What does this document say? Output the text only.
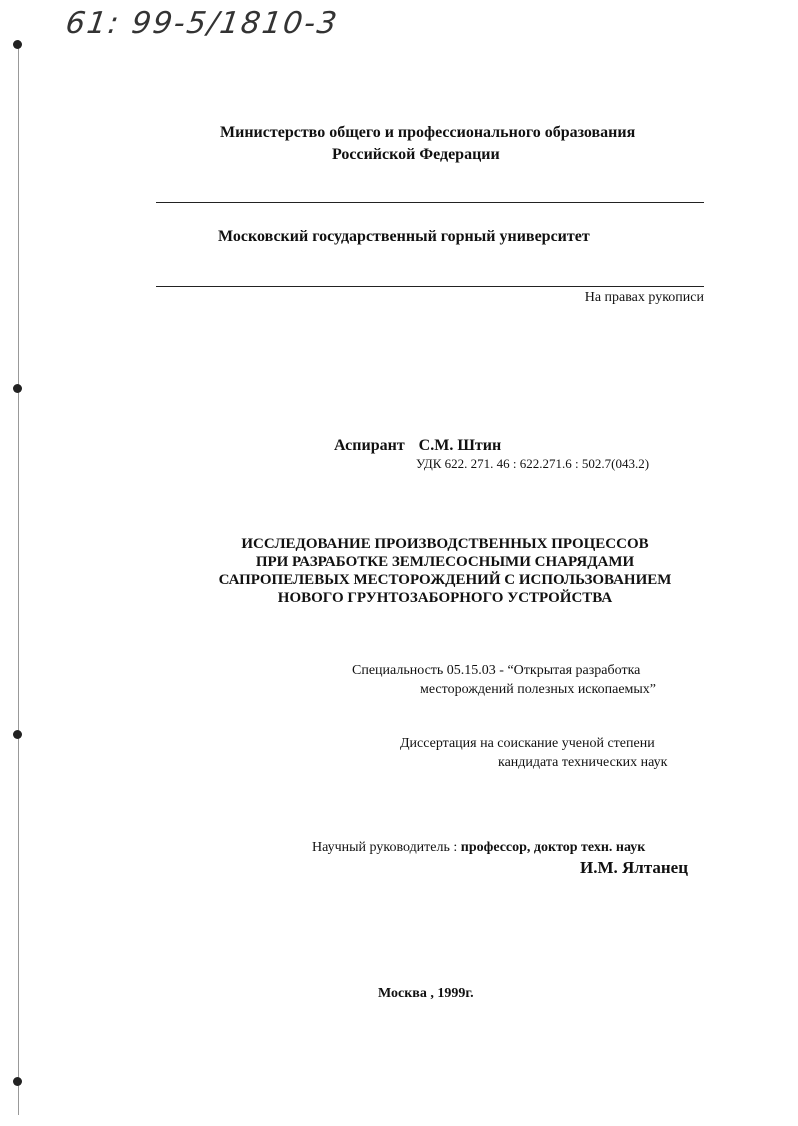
61: 99-5/1810-3
Министерство общего и профессионального образования
Российской Федерации
Московский государственный горный университет
На правах рукописи
Аспирант С.М. Штин
УДК 622. 271. 46 : 622.271.6 : 502.7(043.2)
ИССЛЕДОВАНИЕ ПРОИЗВОДСТВЕННЫХ ПРОЦЕССОВ
ПРИ РАЗРАБОТКЕ ЗЕМЛЕСОСНЫМИ СНАРЯДАМИ
САПРОПЕЛЕВЫХ МЕСТОРОЖДЕНИЙ С ИСПОЛЬЗОВАНИЕМ
НОВОГО ГРУНТОЗАБОРНОГО УСТРОЙСТВА
Специальность 05.15.03 - “Открытая разработка
месторождений полезных ископаемых”
Диссертация на соискание ученой степени
кандидата технических наук
Научный руководитель : профессор, доктор техн. наук
И.М. Ялтанец
Москва , 1999г.
